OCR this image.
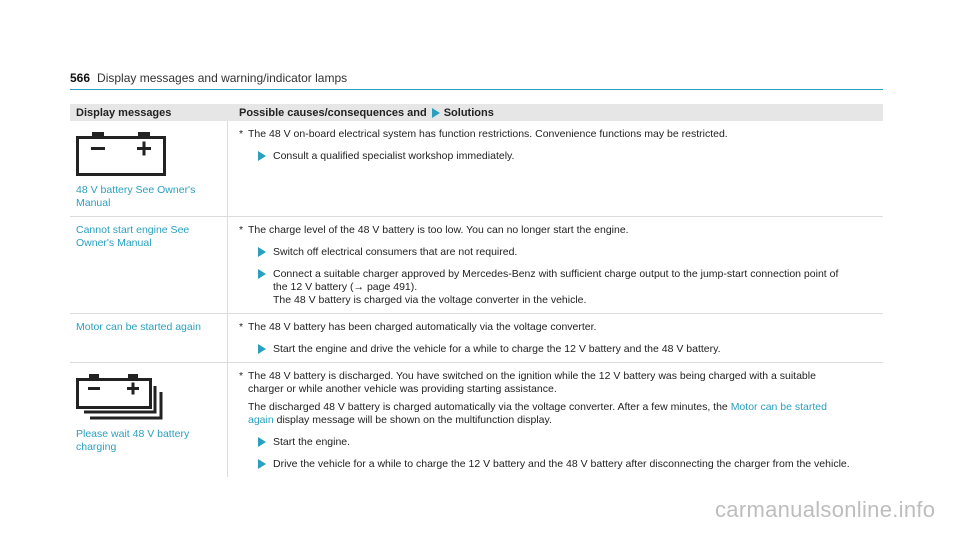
566 Display messages and warning/indicator lamps
Display messages	Possible causes/consequences and Solutions
48 V battery See Owner's Manual
* The 48 V on-board electrical system has function restrictions. Convenience functions may be restricted.
Consult a qualified specialist workshop immediately.
Cannot start engine See Owner's Manual
* The charge level of the 48 V battery is too low. You can no longer start the engine.
Switch off electrical consumers that are not required.
Connect a suitable charger approved by Mercedes-Benz with sufficient charge output to the jump-start connection point of the 12 V battery (→ page 491).
The 48 V battery is charged via the voltage converter in the vehicle.
Motor can be started again	* The 48 V battery has been charged automatically via the voltage converter.
Start the engine and drive the vehicle for a while to charge the 12 V battery and the 48 V battery.
Please wait 48 V battery charging
* The 48 V battery is discharged. You have switched on the ignition while the 12 V battery was being charged with a suitable charger or while another vehicle was providing starting assistance.
The discharged 48 V battery is charged automatically via the voltage converter. After a few minutes, the Motor can be started again display message will be shown on the multifunction display.
Start the engine.
Drive the vehicle for a while to charge the 12 V battery and the 48 V battery after disconnecting the charger from the vehicle.
carmanualsonline.info
